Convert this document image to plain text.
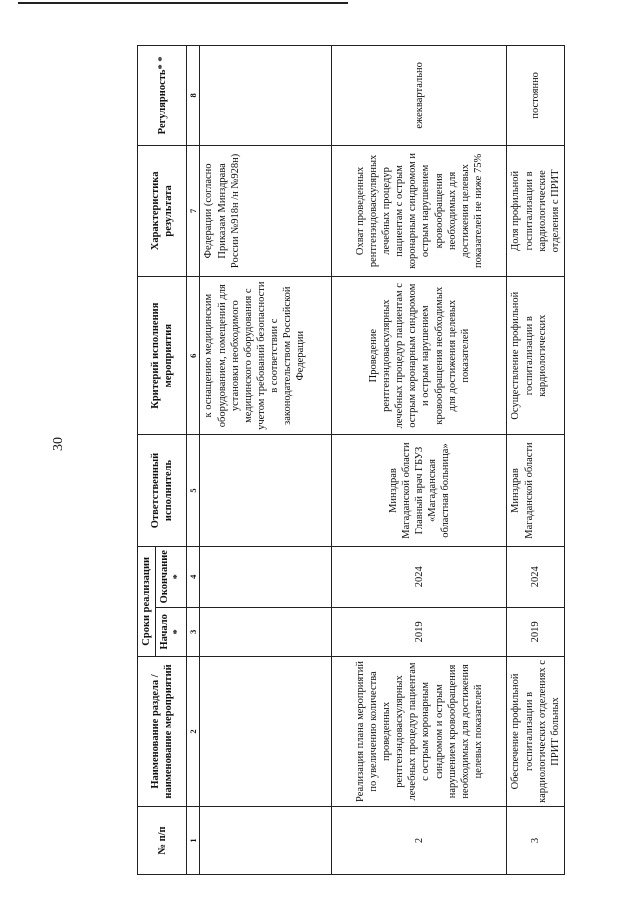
30
№ п/п	Наименование раздела /наименование мероприятий	Сроки реализации		Ответственный исполнитель	Критерий исполнения мероприятия	Характеристика результата	Регулярность* *
		Начало *	Окончание *				
1	2	3	4	5	6	7	8
					к оснащению медицинским оборудованием, помещений для установки необходимого медицинского оборудования с учетом требований безопасности в соответствии с законодательством Российской Федерации	Федерации (согласно Приказам Минздрава России №918н /н №928н)	
2	Реализация плана мероприятий по увеличению количества проведенных рентгенэндоваскулярных лечебных процедур пациентам с острым коронарным синдромом и острым нарушением кровообращения необходимых для достижения целевых показателей	2019	2024	Минздрав Магаданской области Главный врач ГБУЗ «Магаданская областная больница»	Проведение рентгенэндоваскулярных лечебных процедур пациентам с острым коронарным синдромом и острым нарушением кровообращения необходимых для достижения целевых показателей	Охват проведенных рентгенэндоваскулярных лечебных процедур пациентам с острым коронарным синдромом и острым нарушением кровообращения необходимых для достижения целевых показателей не ниже 75%	ежеквартально
3	Обеспечение профильной госпитализации в кардиологических отделениях с ПРИТ больных	2019	2024	Минздрав Магаданской области	Осуществление профильной госпитализации в кардиологических	Доля профильной госпитализации в кардиологические отделения с ПРИТ	постоянно
